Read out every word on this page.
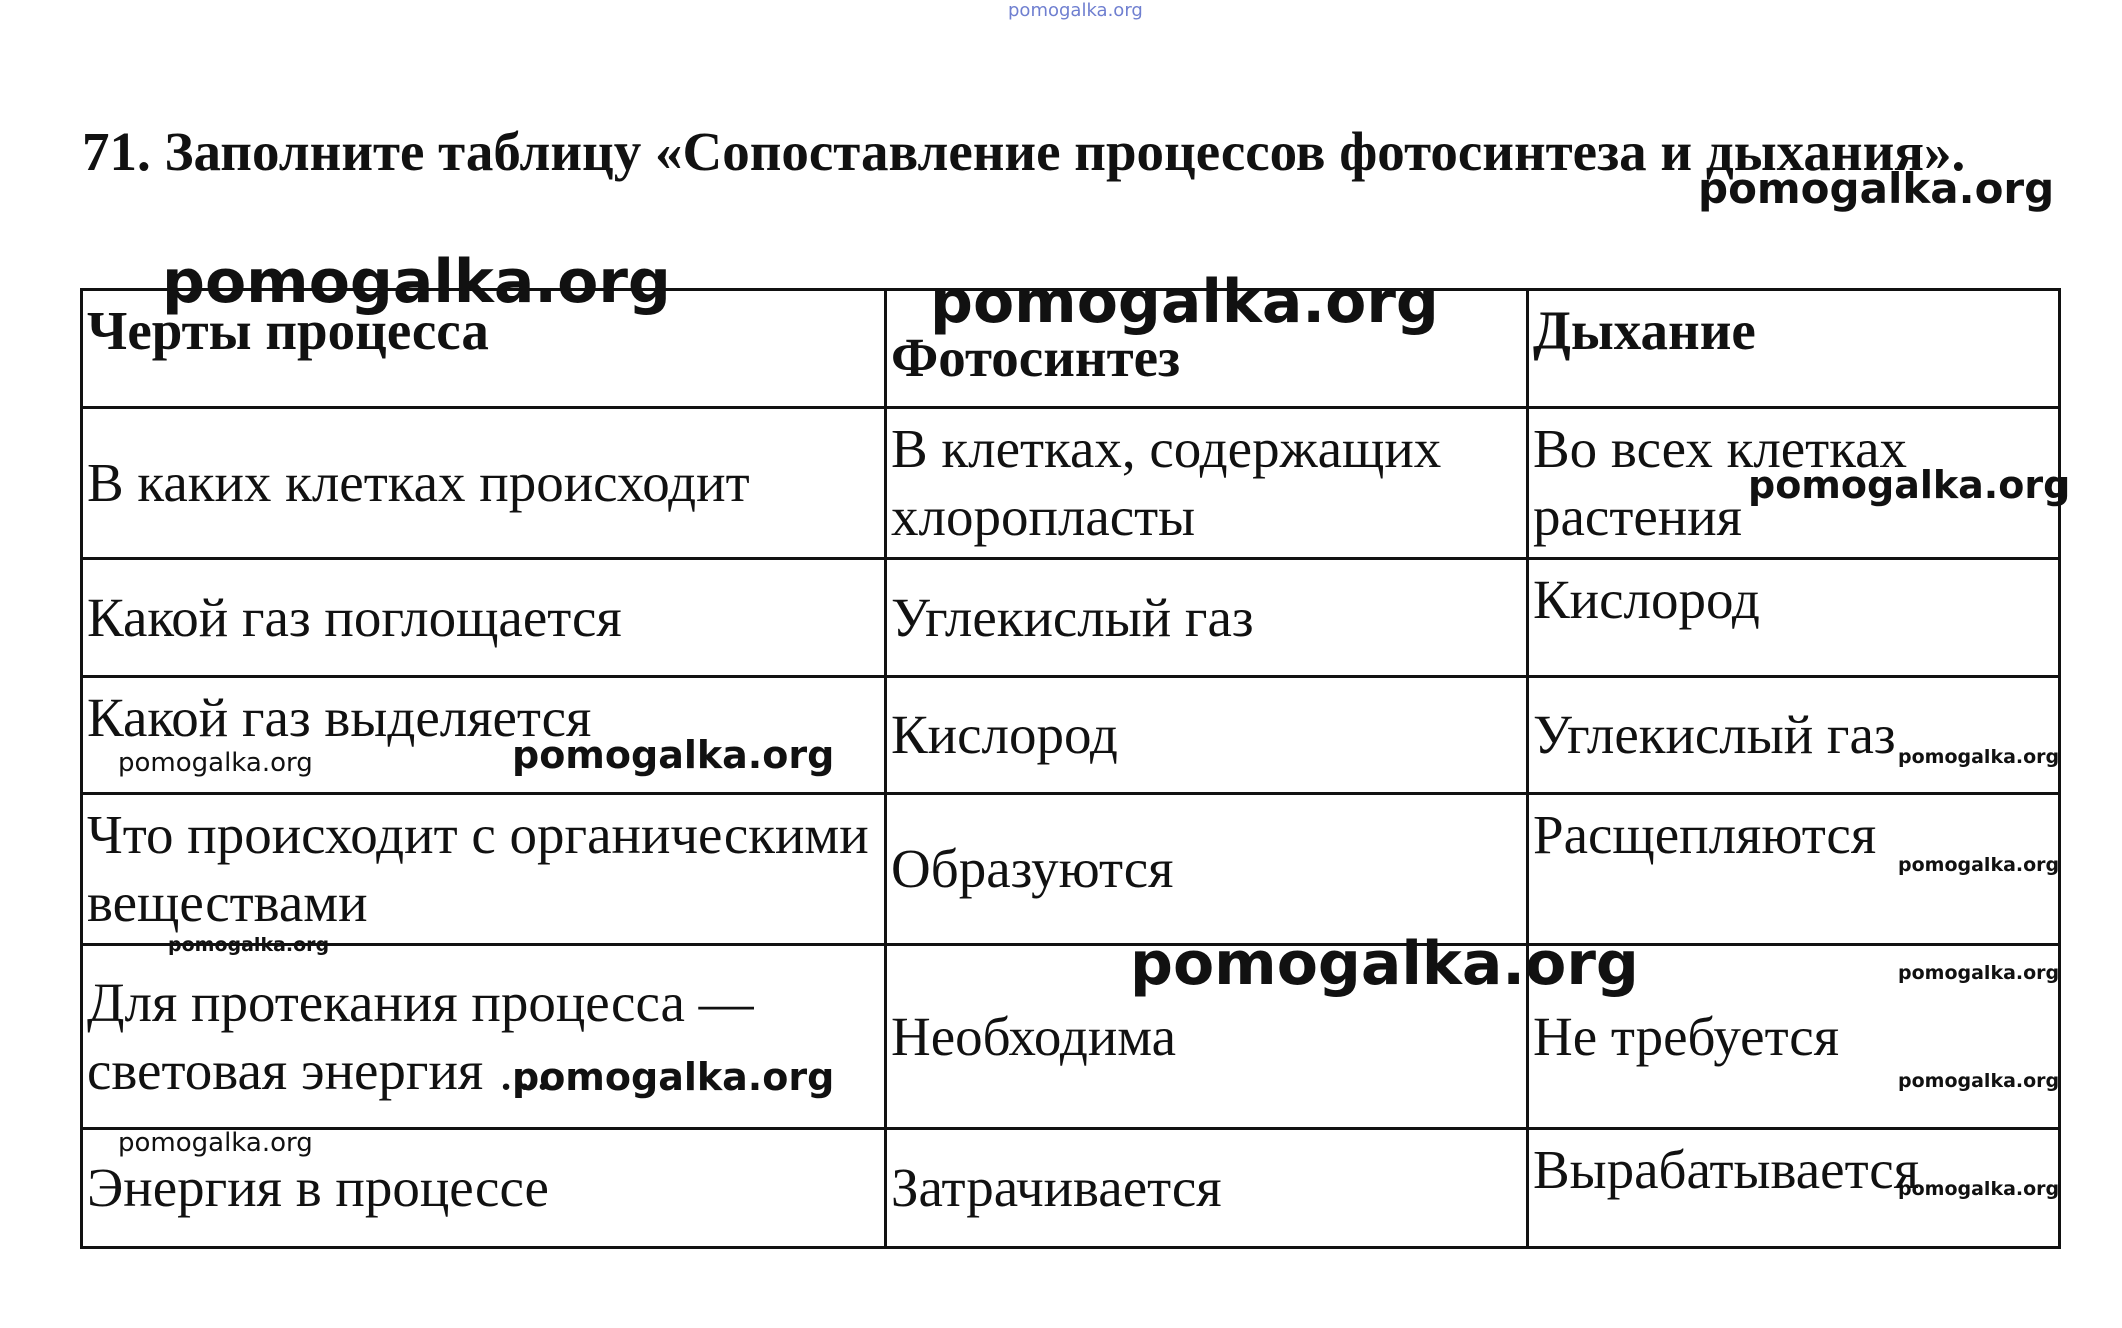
71. Заполните таблицу «Сопоставление процессов фотосинтеза и дыхания».
Черты процесса	Фотосинтез	Дыхание
В каких клетках происходит	В клетках, содержащих хлоропласты	Во всех клетках растения
Какой газ поглощается	Углекислый газ	Кислород
Какой газ выделяется	Кислород	Углекислый газ
Что происходит с органическими веществами	Образуются	Расщепляются
Для протекания процесса — световая энергия …	Необходима	Не требуется
Энергия в процессе	Затрачивается	Вырабатывается
pomogalka.org
pomogalka.org
pomogalka.org	pomogalka.org
pomogalka.org
pomogalka.org	pomogalka.org	pomogalka.org
pomogalka.org
pomogalka.org	pomogalka.org	pomogalka.org
pomogalka.org	pomogalka.org
pomogalka.org
pomogalka.org
